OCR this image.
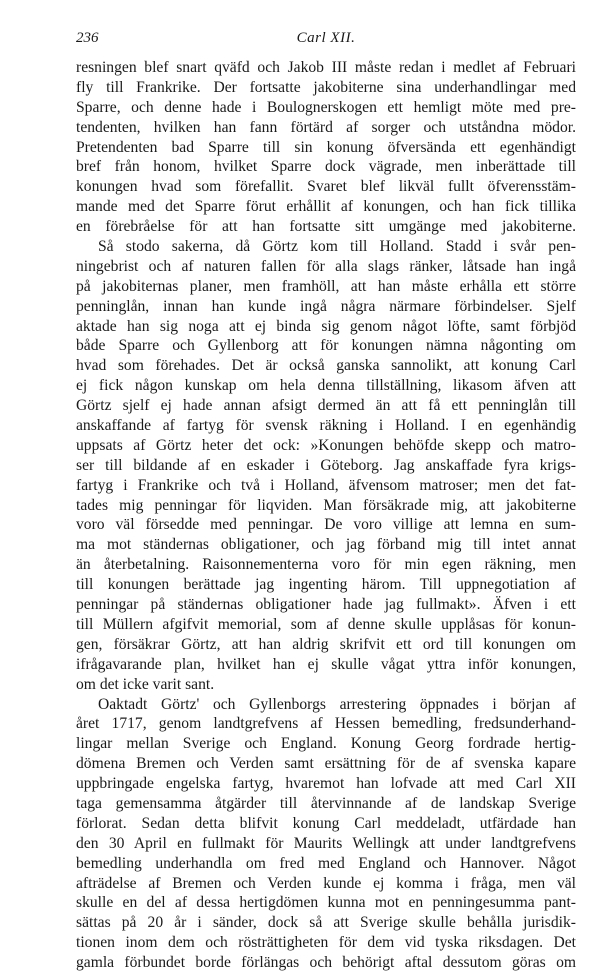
236	Carl XII.
resningen blef snart qväfd och Jakob III måste redan i medlet af Februari
fly till Frankrike. Der fortsatte jakobiterne sina underhandlingar med
Sparre, och denne hade i Boulognerskogen ett hemligt möte med pre-
tendenten, hvilken han fann förtärd af sorger och utståndna mödor.
Pretendenten bad Sparre till sin konung öfversända ett egenhändigt
bref från honom, hvilket Sparre dock vägrade, men inberättade till
konungen hvad som förefallit. Svaret blef likväl fullt öfverensstäm-
mande med det Sparre förut erhållit af konungen, och han fick tillika
en förebråelse för att han fortsatte sitt umgänge med jakobiterne.
Så stodo sakerna, då Görtz kom till Holland. Stadd i svår pen-
ningebrist och af naturen fallen för alla slags ränker, låtsade han ingå
på jakobiternas planer, men framhöll, att han måste erhålla ett större
penninglån, innan han kunde ingå några närmare förbindelser. Sjelf
aktade han sig noga att ej binda sig genom något löfte, samt förbjöd
både Sparre och Gyllenborg att för konungen nämna någonting om
hvad som förehades. Det är också ganska sannolikt, att konung Carl
ej fick någon kunskap om hela denna tillställning, likasom äfven att
Görtz sjelf ej hade annan afsigt dermed än att få ett penninglån till
anskaffande af fartyg för svensk räkning i Holland. I en egenhändig
uppsats af Görtz heter det ock: »Konungen behöfde skepp och matro-
ser till bildande af en eskader i Göteborg. Jag anskaffade fyra krigs-
fartyg i Frankrike och två i Holland, äfvensom matroser; men det fat-
tades mig penningar för liqviden. Man försäkrade mig, att jakobiterne
voro väl försedde med penningar. De voro villige att lemna en sum-
ma mot ständernas obligationer, och jag förband mig till intet annat
än återbetalning. Raisonnementerna voro för min egen räkning, men
till konungen berättade jag ingenting härom. Till uppnegotiation af
penningar på ständernas obligationer hade jag fullmakt». Äfven i ett
till Müllern afgifvit memorial, som af denne skulle upplåsas för konun-
gen, försäkrar Görtz, att han aldrig skrifvit ett ord till konungen om
ifrågavarande plan, hvilket han ej skulle vågat yttra inför konungen,
om det icke varit sant.
Oaktadt Görtz' och Gyllenborgs arrestering öppnades i början af
året 1717, genom landtgrefvens af Hessen bemedling, fredsunderhand-
lingar mellan Sverige och England. Konung Georg fordrade hertig-
dömena Bremen och Verden samt ersättning för de af svenska kapare
uppbringade engelska fartyg, hvaremot han lofvade att med Carl XII
taga gemensamma åtgärder till återvinnande af de landskap Sverige
förlorat. Sedan detta blifvit konung Carl meddeladt, utfärdade han
den 30 April en fullmakt för Maurits Wellingk att under landtgrefvens
bemedling underhandla om fred med England och Hannover. Något
afträdelse af Bremen och Verden kunde ej komma i fråga, men väl
skulle en del af dessa hertigdömen kunna mot en penningesumma pant-
sättas på 20 år i sänder, dock så att Sverige skulle behålla jurisdik-
tionen inom dem och rösträttigheten för dem vid tyska riksdagen. Det
gamla förbundet borde förlängas och behörigt aftal dessutom göras om
